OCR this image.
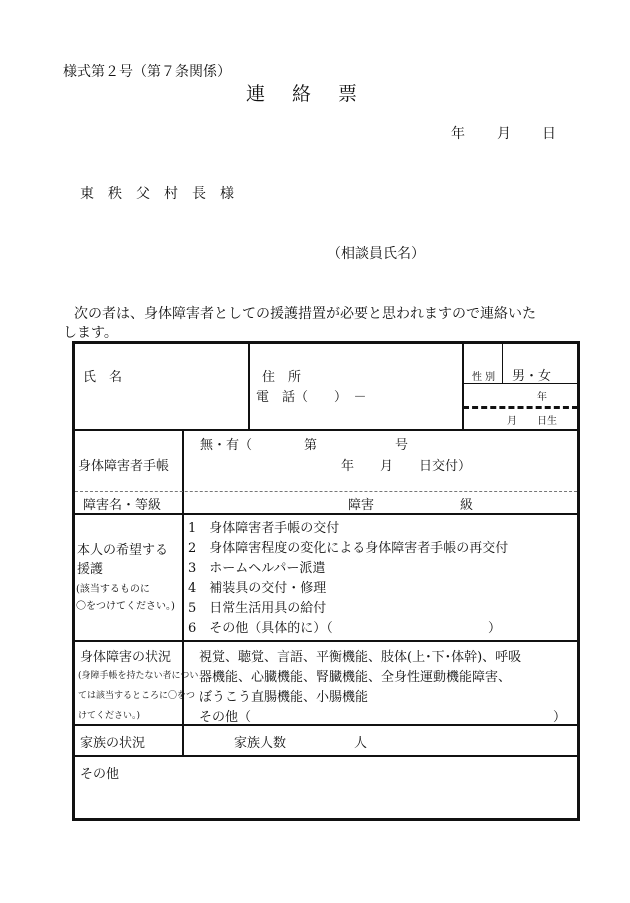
様式第２号（第７条関係）
連　絡　票
年 月 日
東　秩　父　村　長　様
（相談員氏名）
次の者は、身体障害者としての援護措置が必要と思われますので連絡いた
します。
氏　名	住　所
電　話（　　）　－
性 別 男・女
年
月　　日生
身体障害者手帳
無・有（　　　　第　　　　　　号
年　　月　　日交付）
障害名・等級	障害	級
本人の希望する
援護
(該当するものに
〇をつけてください。)
1　身体障害者手帳の交付
2　身体障害程度の変化による身体障害者手帳の再交付
3　ホームヘルパー派遣
4　補装具の交付・修理
5　日常生活用具の給付
6　その他（具体的に）（	）
身体障害の状況
(身障手帳を持たない者につい
ては該当するところに〇をつ
けてください。)
視覚、聴覚、言語、平衡機能、肢体(上･下･体幹)、呼吸
器機能、心臓機能、腎臓機能、全身性運動機能障害、
ぼうこう直腸機能、小腸機能
その他（	）
家族の状況	家族人数	人
その他
